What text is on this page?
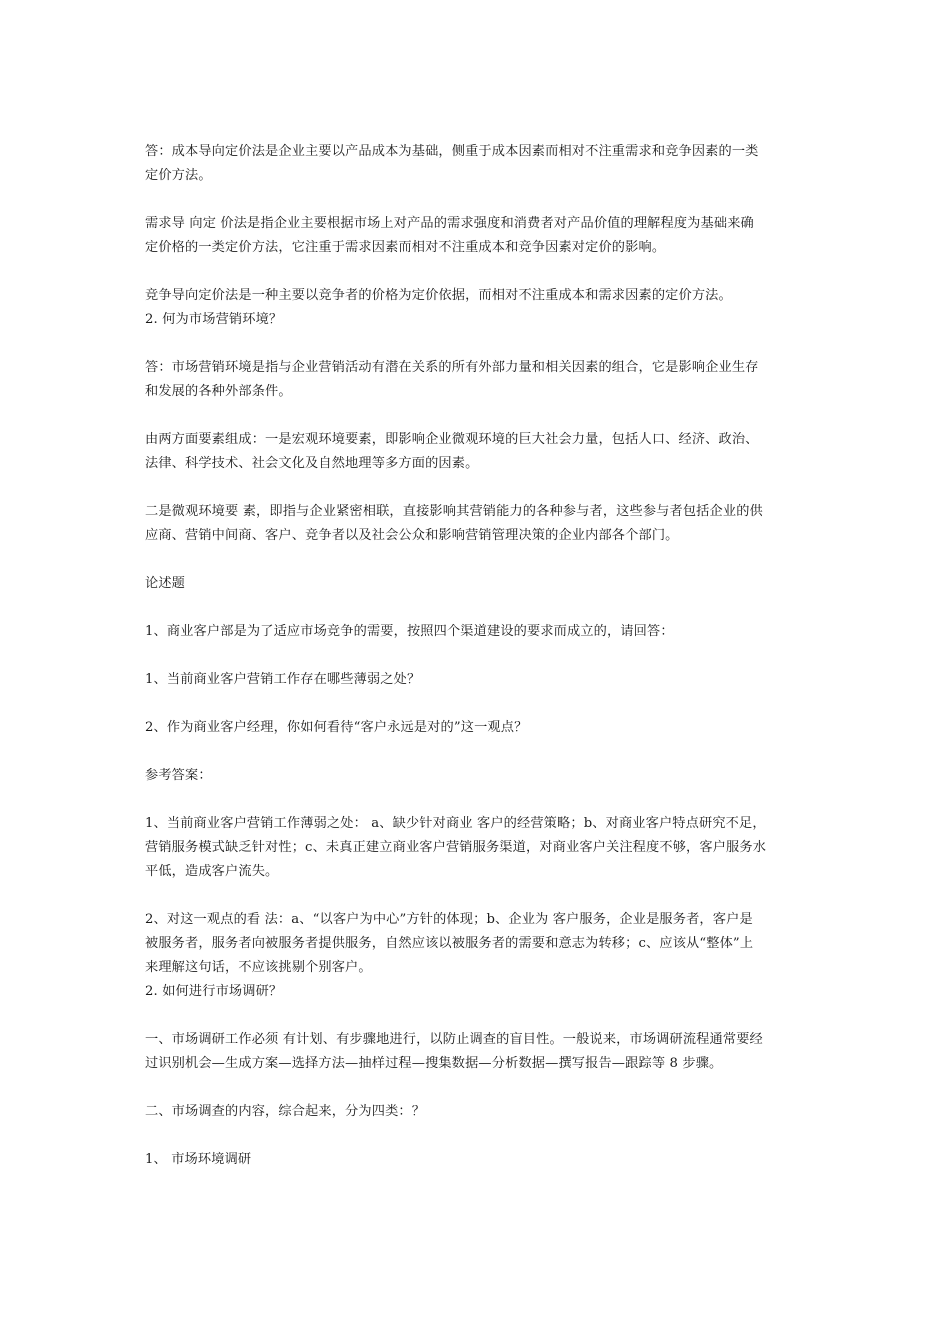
答：成本导向定价法是企业主要以产品成本为基础，侧重于成本因素而相对不注重需求和竞争因素的一类
定价方法。
需求导 向定 价法是指企业主要根据市场上对产品的需求强度和消费者对产品价值的理解程度为基础来确
定价格的一类定价方法，它注重于需求因素而相对不注重成本和竞争因素对定价的影响。
竞争导向定价法是一种主要以竞争者的价格为定价依据，而相对不注重成本和需求因素的定价方法。
2. 何为市场营销环境？
答：市场营销环境是指与企业营销活动有潜在关系的所有外部力量和相关因素的组合，它是影响企业生存
和发展的各种外部条件。
由两方面要素组成：一是宏观环境要素，即影响企业微观环境的巨大社会力量，包括人口、经济、政治、
法律、科学技术、社会文化及自然地理等多方面的因素。
二是微观环境要 素，即指与企业紧密相联，直接影响其营销能力的各种参与者，这些参与者包括企业的供
应商、营销中间商、客户、竞争者以及社会公众和影响营销管理决策的企业内部各个部门。
论述题
1、商业客户部是为了适应市场竞争的需要，按照四个渠道建设的要求而成立的，请回答：
1、当前商业客户营销工作存在哪些薄弱之处？
2、作为商业客户经理，你如何看待“客户永远是对的”这一观点？
参考答案：
1、当前商业客户营销工作薄弱之处： a、缺少针对商业 客户的经营策略；b、对商业客户特点研究不足，
营销服务模式缺乏针对性；c、未真正建立商业客户营销服务渠道，对商业客户关注程度不够，客户服务水
平低，造成客户流失。
2、对这一观点的看 法：a、“以客户为中心”方针的体现；b、企业为 客户服务，企业是服务者，客户是
被服务者，服务者向被服务者提供服务，自然应该以被服务者的需要和意志为转移；c、应该从“整体”上
来理解这句话，不应该挑剔个别客户。
2. 如何进行市场调研？
一、市场调研工作必须 有计划、有步骤地进行，以防止调查的盲目性。一般说来，市场调研流程通常要经
过识别机会—生成方案—选择方法—抽样过程—搜集数据—分析数据—撰写报告—跟踪等 8 步骤。
二、市场调查的内容，综合起来，分为四类：？
1、 市场环境调研
